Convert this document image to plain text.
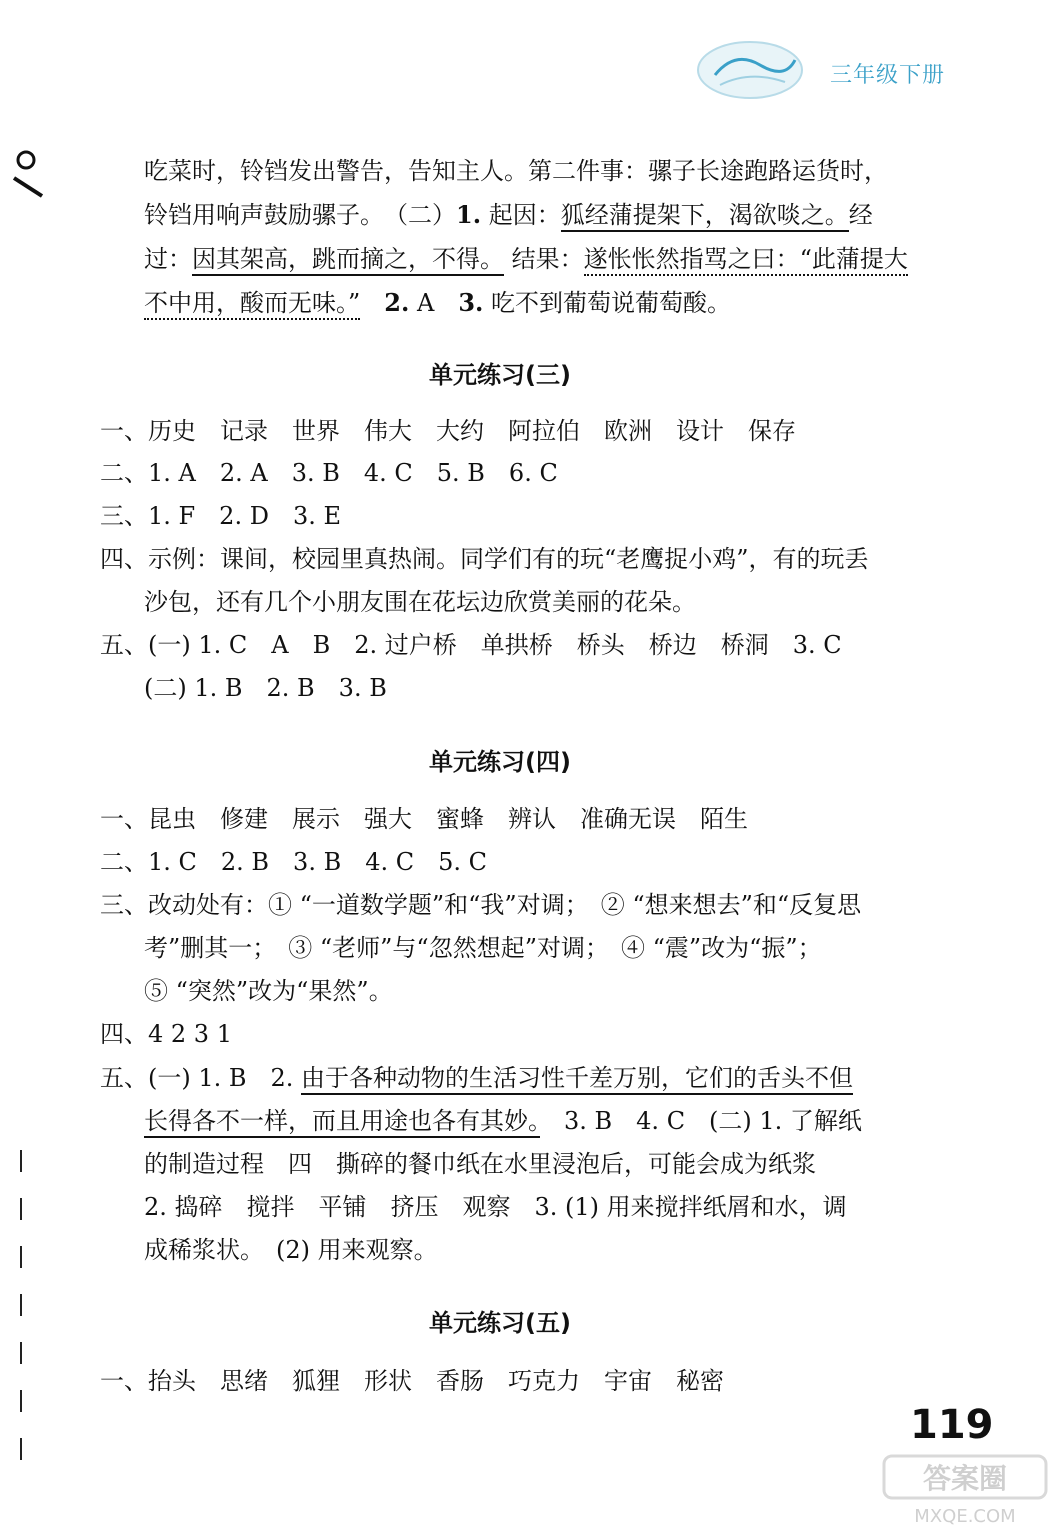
三年级下册
吃菜时，铃铛发出警告，告知主人。第二件事：骡子长途跑路运货时，
铃铛用响声鼓励骡子。　（二）1. 起因：狐经蒲提架下，渴欲啖之。经
过：因其架高，跳而摘之，不得。 结果：遂怅怅然指骂之曰：“此蒲提大
不中用，酸而无味。”　 2. A　 3. 吃不到葡萄说葡萄酸。
单元练习(三)
一、历史　记录　世界　伟大　大约　阿拉伯　欧洲　设计　保存
二、1. A　2. A　3. B　4. C　5. B　6. C
三、1. F　2. D　3. E
四、示例：课间，校园里真热闹。同学们有的玩“老鹰捉小鸡”，有的玩丢
沙包，还有几个小朋友围在花坛边欣赏美丽的花朵。
五、(一) 1. C　A　B　2. 过户桥　单拱桥　桥头　桥边　桥洞　3. C
(二) 1. B　2. B　3. B
单元练习(四)
一、昆虫　修建　展示　强大　蜜蜂　辨认　准确无误　陌生
二、1. C　2. B　3. B　4. C　5. C
三、改动处有：① “一道数学题”和“我”对调；　② “想来想去”和“反复思
考”删其一；　③ “老师”与“忽然想起”对调；　④ “震”改为“振”；
⑤ “突然”改为“果然”。
四、4 2 3 1
五、(一) 1. B　2. 由于各种动物的生活习性千差万别，它们的舌头不但
长得各不一样，而且用途也各有其妙。　3. B　4. C　(二) 1. 了解纸
的制造过程　四　撕碎的餐巾纸在水里浸泡后，可能会成为纸浆
2. 捣碎　搅拌　平铺　挤压　观察　3. (1) 用来搅拌纸屑和水，调
成稀浆状。　(2) 用来观察。
单元练习(五)
一、抬头　思绪　狐狸　形状　香肠　巧克力　宇宙　秘密
119
答案圈
MXQE.COM
